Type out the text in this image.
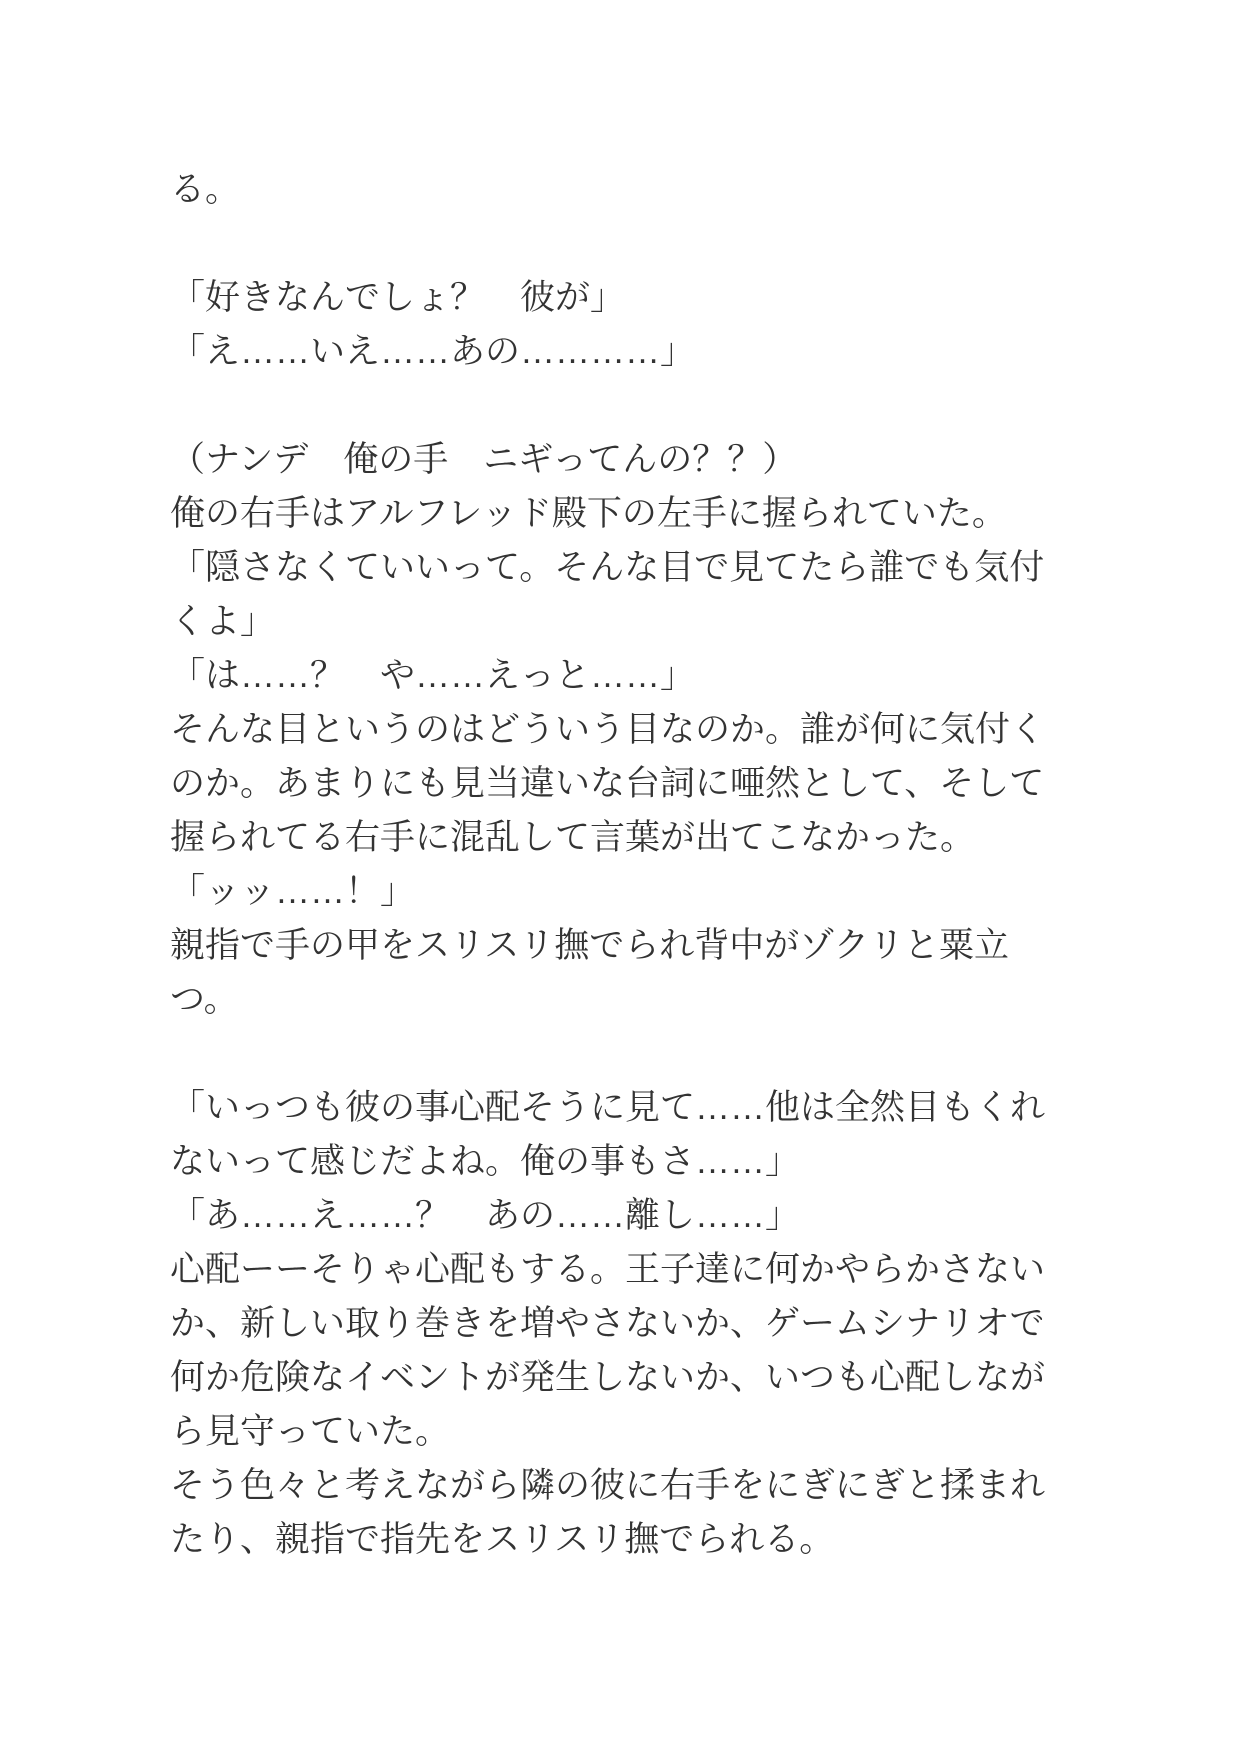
る。
「好きなんでしょ？　彼が」
「え……いえ……あの…………」
（ナンデ　俺の手　ニギってんの？？）
俺の右手はアルフレッド殿下の左手に握られていた。
「隠さなくていいって。そんな目で見てたら誰でも気付
くよ」
「は……？　や……えっと……」
そんな目というのはどういう目なのか。誰が何に気付く
のか。あまりにも見当違いな台詞に唖然として、そして
握られてる右手に混乱して言葉が出てこなかった。
「ッッ……！」
親指で手の甲をスリスリ撫でられ背中がゾクリと粟立
つ。
「いっつも彼の事心配そうに見て……他は全然目もくれ
ないって感じだよね。俺の事もさ……」
「あ……え……？　あの……離し……」
心配ーーそりゃ心配もする。王子達に何かやらかさない
か、新しい取り巻きを増やさないか、ゲームシナリオで
何か危険なイベントが発生しないか、いつも心配しなが
ら見守っていた。
そう色々と考えながら隣の彼に右手をにぎにぎと揉まれ
たり、親指で指先をスリスリ撫でられる。
